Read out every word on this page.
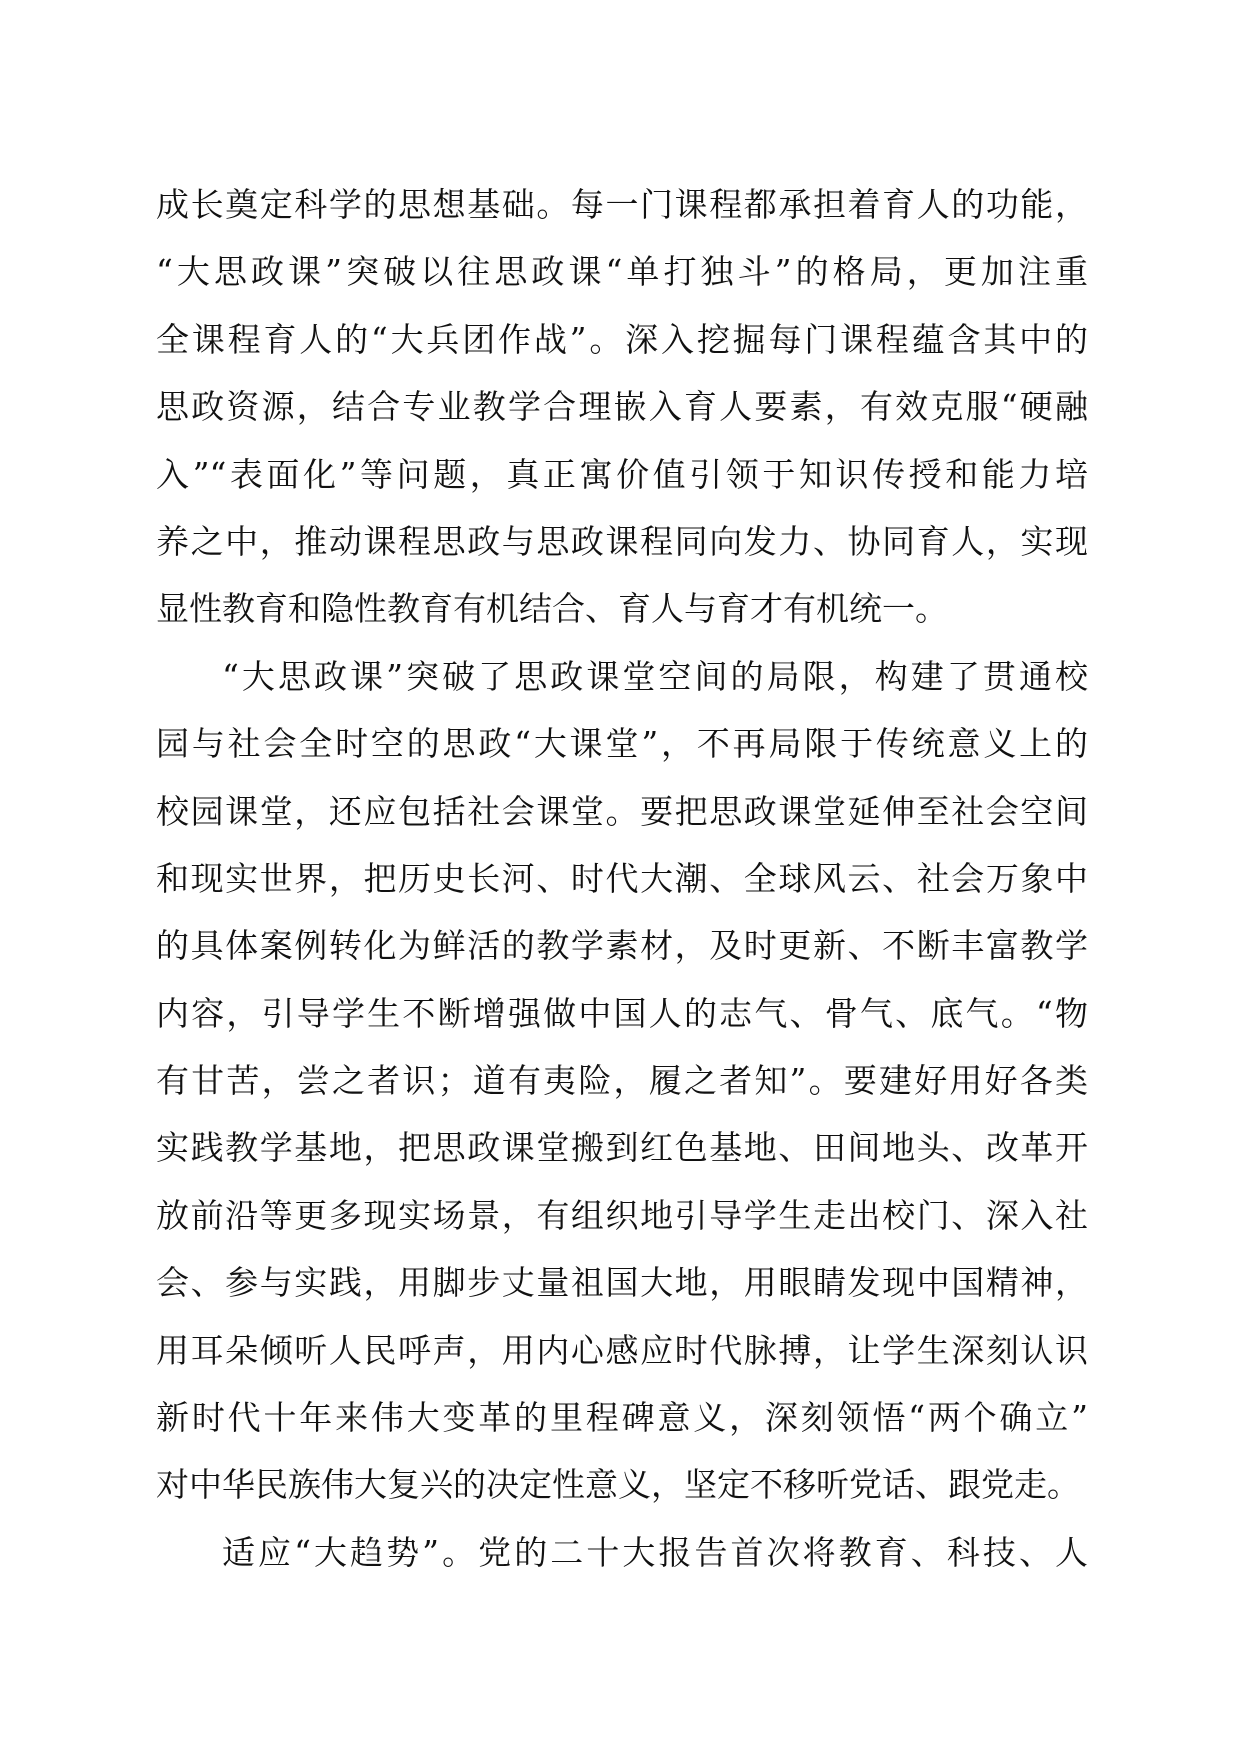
成长奠定科学的思想基础。每一门课程都承担着育人的功能，
“大思政课”突破以往思政课“单打独斗”的格局，更加注重
全课程育人的“大兵团作战”。深入挖掘每门课程蕴含其中的
思政资源，结合专业教学合理嵌入育人要素，有效克服“硬融
入”“表面化”等问题，真正寓价值引领于知识传授和能力培
养之中，推动课程思政与思政课程同向发力、协同育人，实现
显性教育和隐性教育有机结合、育人与育才有机统一。
“大思政课”突破了思政课堂空间的局限，构建了贯通校
园与社会全时空的思政“大课堂”，不再局限于传统意义上的
校园课堂，还应包括社会课堂。要把思政课堂延伸至社会空间
和现实世界，把历史长河、时代大潮、全球风云、社会万象中
的具体案例转化为鲜活的教学素材，及时更新、不断丰富教学
内容，引导学生不断增强做中国人的志气、骨气、底气。“物
有甘苦，尝之者识；道有夷险，履之者知”。要建好用好各类
实践教学基地，把思政课堂搬到红色基地、田间地头、改革开
放前沿等更多现实场景，有组织地引导学生走出校门、深入社
会、参与实践，用脚步丈量祖国大地，用眼睛发现中国精神，
用耳朵倾听人民呼声，用内心感应时代脉搏，让学生深刻认识
新时代十年来伟大变革的里程碑意义，深刻领悟“两个确立”
对中华民族伟大复兴的决定性意义，坚定不移听党话、跟党走。
适应“大趋势”。党的二十大报告首次将教育、科技、人
